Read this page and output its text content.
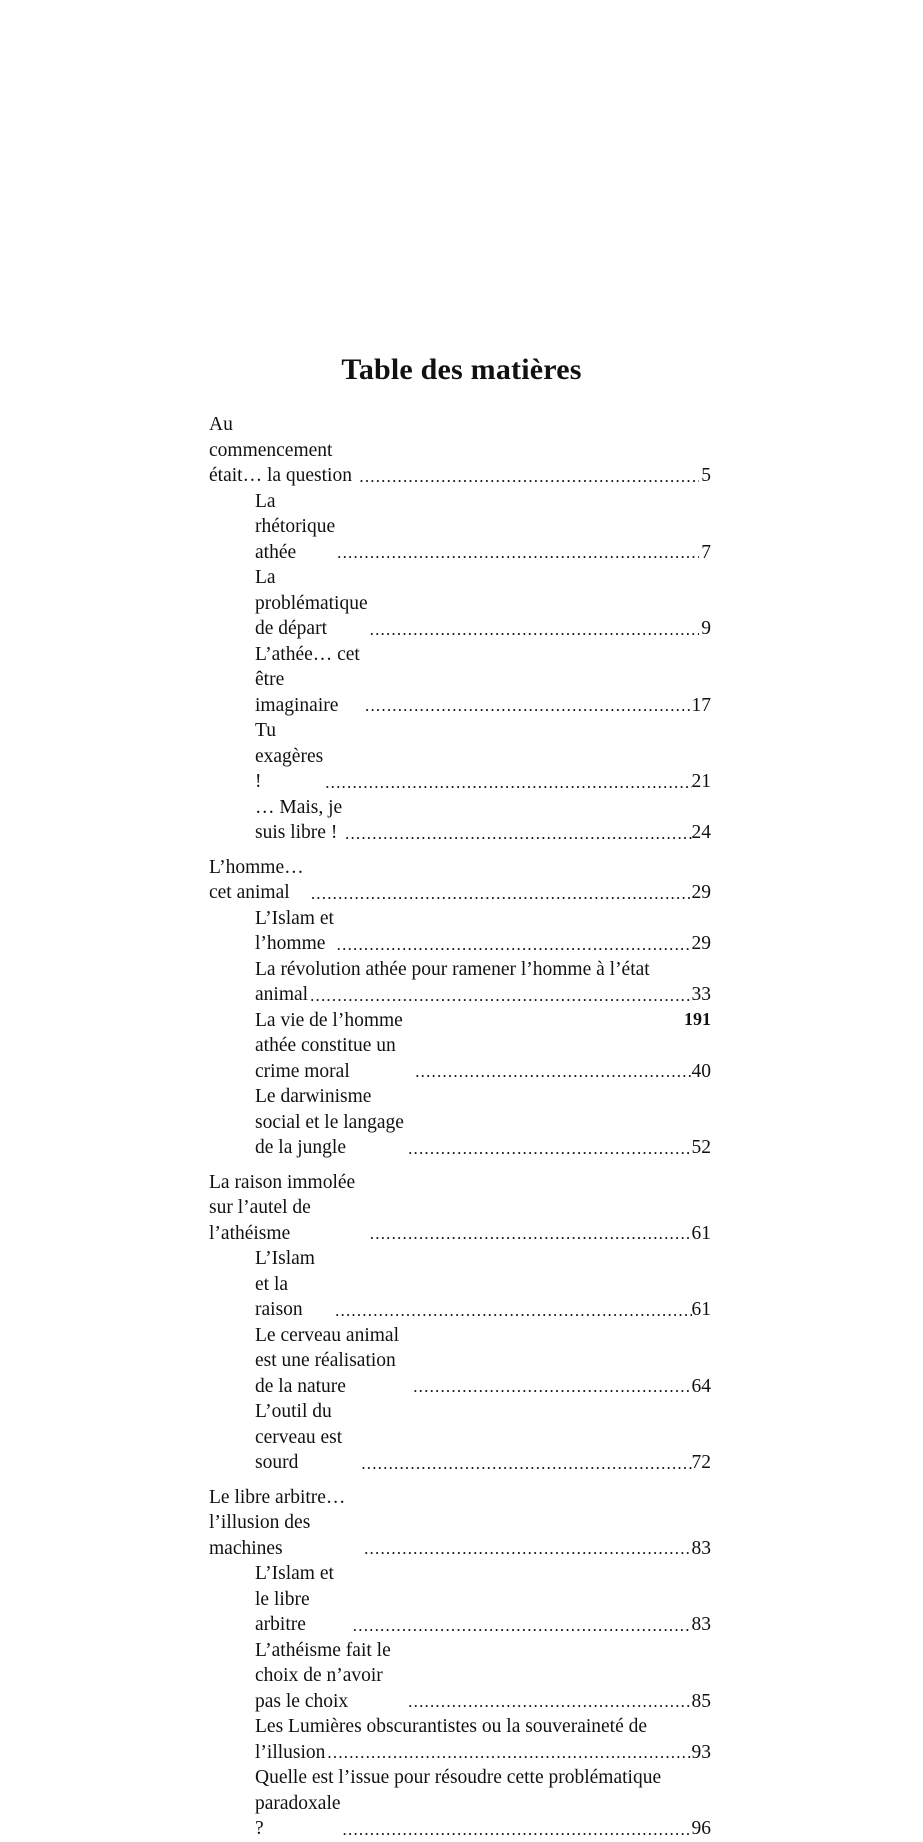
Table des matières
Au commencement était… la question .....	5
La rhétorique athée .....	7
La problématique de départ .....	9
L’athée… cet être imaginaire .....	17
Tu exagères ! .....	21
… Mais, je suis libre ! .....	24
L’homme… cet animal .....	29
L’Islam et l’homme .....	29
La révolution athée pour ramener l’homme à l’état
animal .....	33
La vie de l’homme athée constitue un crime moral .....	40
Le darwinisme social et le langage de la jungle .....	52
La raison immolée sur l’autel de l’athéisme .....	61
L’Islam et la raison .....	61
Le cerveau animal est une réalisation de la nature .....	64
L’outil du cerveau est sourd .....	72
Le libre arbitre… l’illusion des machines .....	83
L’Islam et le libre arbitre .....	83
L’athéisme fait le choix de n’avoir pas le choix .....	85
Les Lumières obscurantistes ou la souveraineté de
l’illusion .....	93
Quelle est l’issue pour résoudre cette problématique
paradoxale ? .....	96
191
